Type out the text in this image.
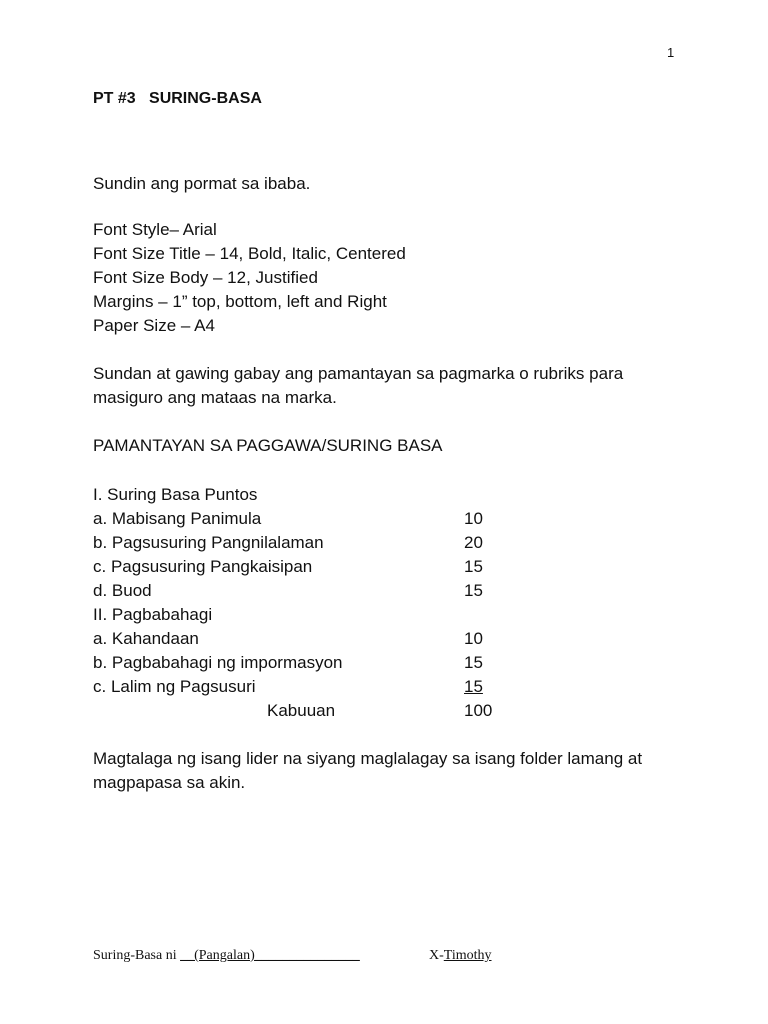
1
PT #3   SURING-BASA

Sundin ang pormat sa ibaba.

Font Style– Arial
Font Size Title – 14, Bold, Italic, Centered
Font Size Body – 12, Justified
Margins – 1” top, bottom, left and Right
Paper Size – A4

Sundan at gawing gabay ang pamantayan sa pagmarka o rubriks para masiguro ang mataas na marka.

PAMANTAYAN SA PAGGAWA/SURING BASA

I. Suring Basa Puntos
a. Mabisang Panimula	10
b. Pagsusuring Pangnilalaman	20
c. Pagsusuring Pangkaisipan	15
d. Buod	15
II. Pagbabahagi
a. Kahandaan	10
b. Pagbabahagi ng impormasyon	15
c. Lalim ng Pagsusuri	15
Kabuuan	100

Magtalaga ng isang lider na siyang maglalagay sa isang folder lamang at magpapasa sa akin.

Suring-Basa ni __(Pangalan)_______________	X-Timothy
